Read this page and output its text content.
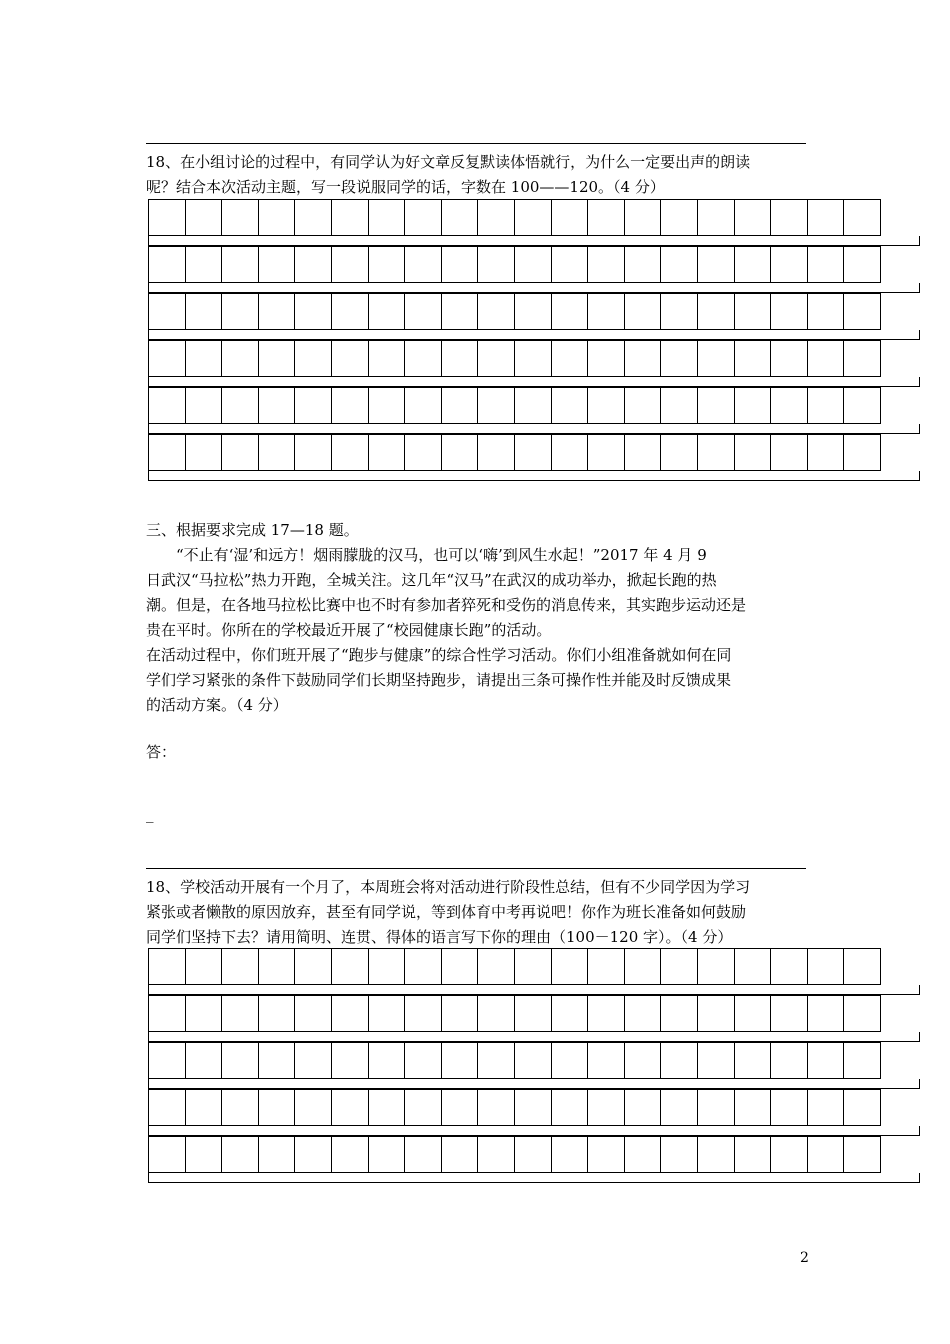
18、在小组讨论的过程中，有同学认为好文章反复默读体悟就行，为什么一定要出声的朗读
呢？结合本次活动主题，写一段说服同学的话，字数在 100——120。（4 分）

三、根据要求完成 17—18 题。

“不止有‘湿’和远方！烟雨朦胧的汉马，也可以‘嗨’到风生水起！”2017 年 4 月 9
日武汉“马拉松”热力开跑，全城关注。这几年“汉马”在武汉的成功举办，掀起长跑的热
潮。但是，在各地马拉松比赛中也不时有参加者猝死和受伤的消息传来，其实跑步运动还是
贵在平时。你所在的学校最近开展了“校园健康长跑”的活动。
在活动过程中，你们班开展了“跑步与健康”的综合性学习活动。你们小组准备就如何在同
学们学习紧张的条件下鼓励同学们长期坚持跑步，请提出三条可操作性并能及时反馈成果
的活动方案。（4 分）

答：

_

18、学校活动开展有一个月了，本周班会将对活动进行阶段性总结，但有不少同学因为学习
紧张或者懒散的原因放弃，甚至有同学说，等到体育中考再说吧！你作为班长准备如何鼓励
同学们坚持下去？请用简明、连贯、得体的语言写下你的理由（100－120 字）。（4 分）

2
